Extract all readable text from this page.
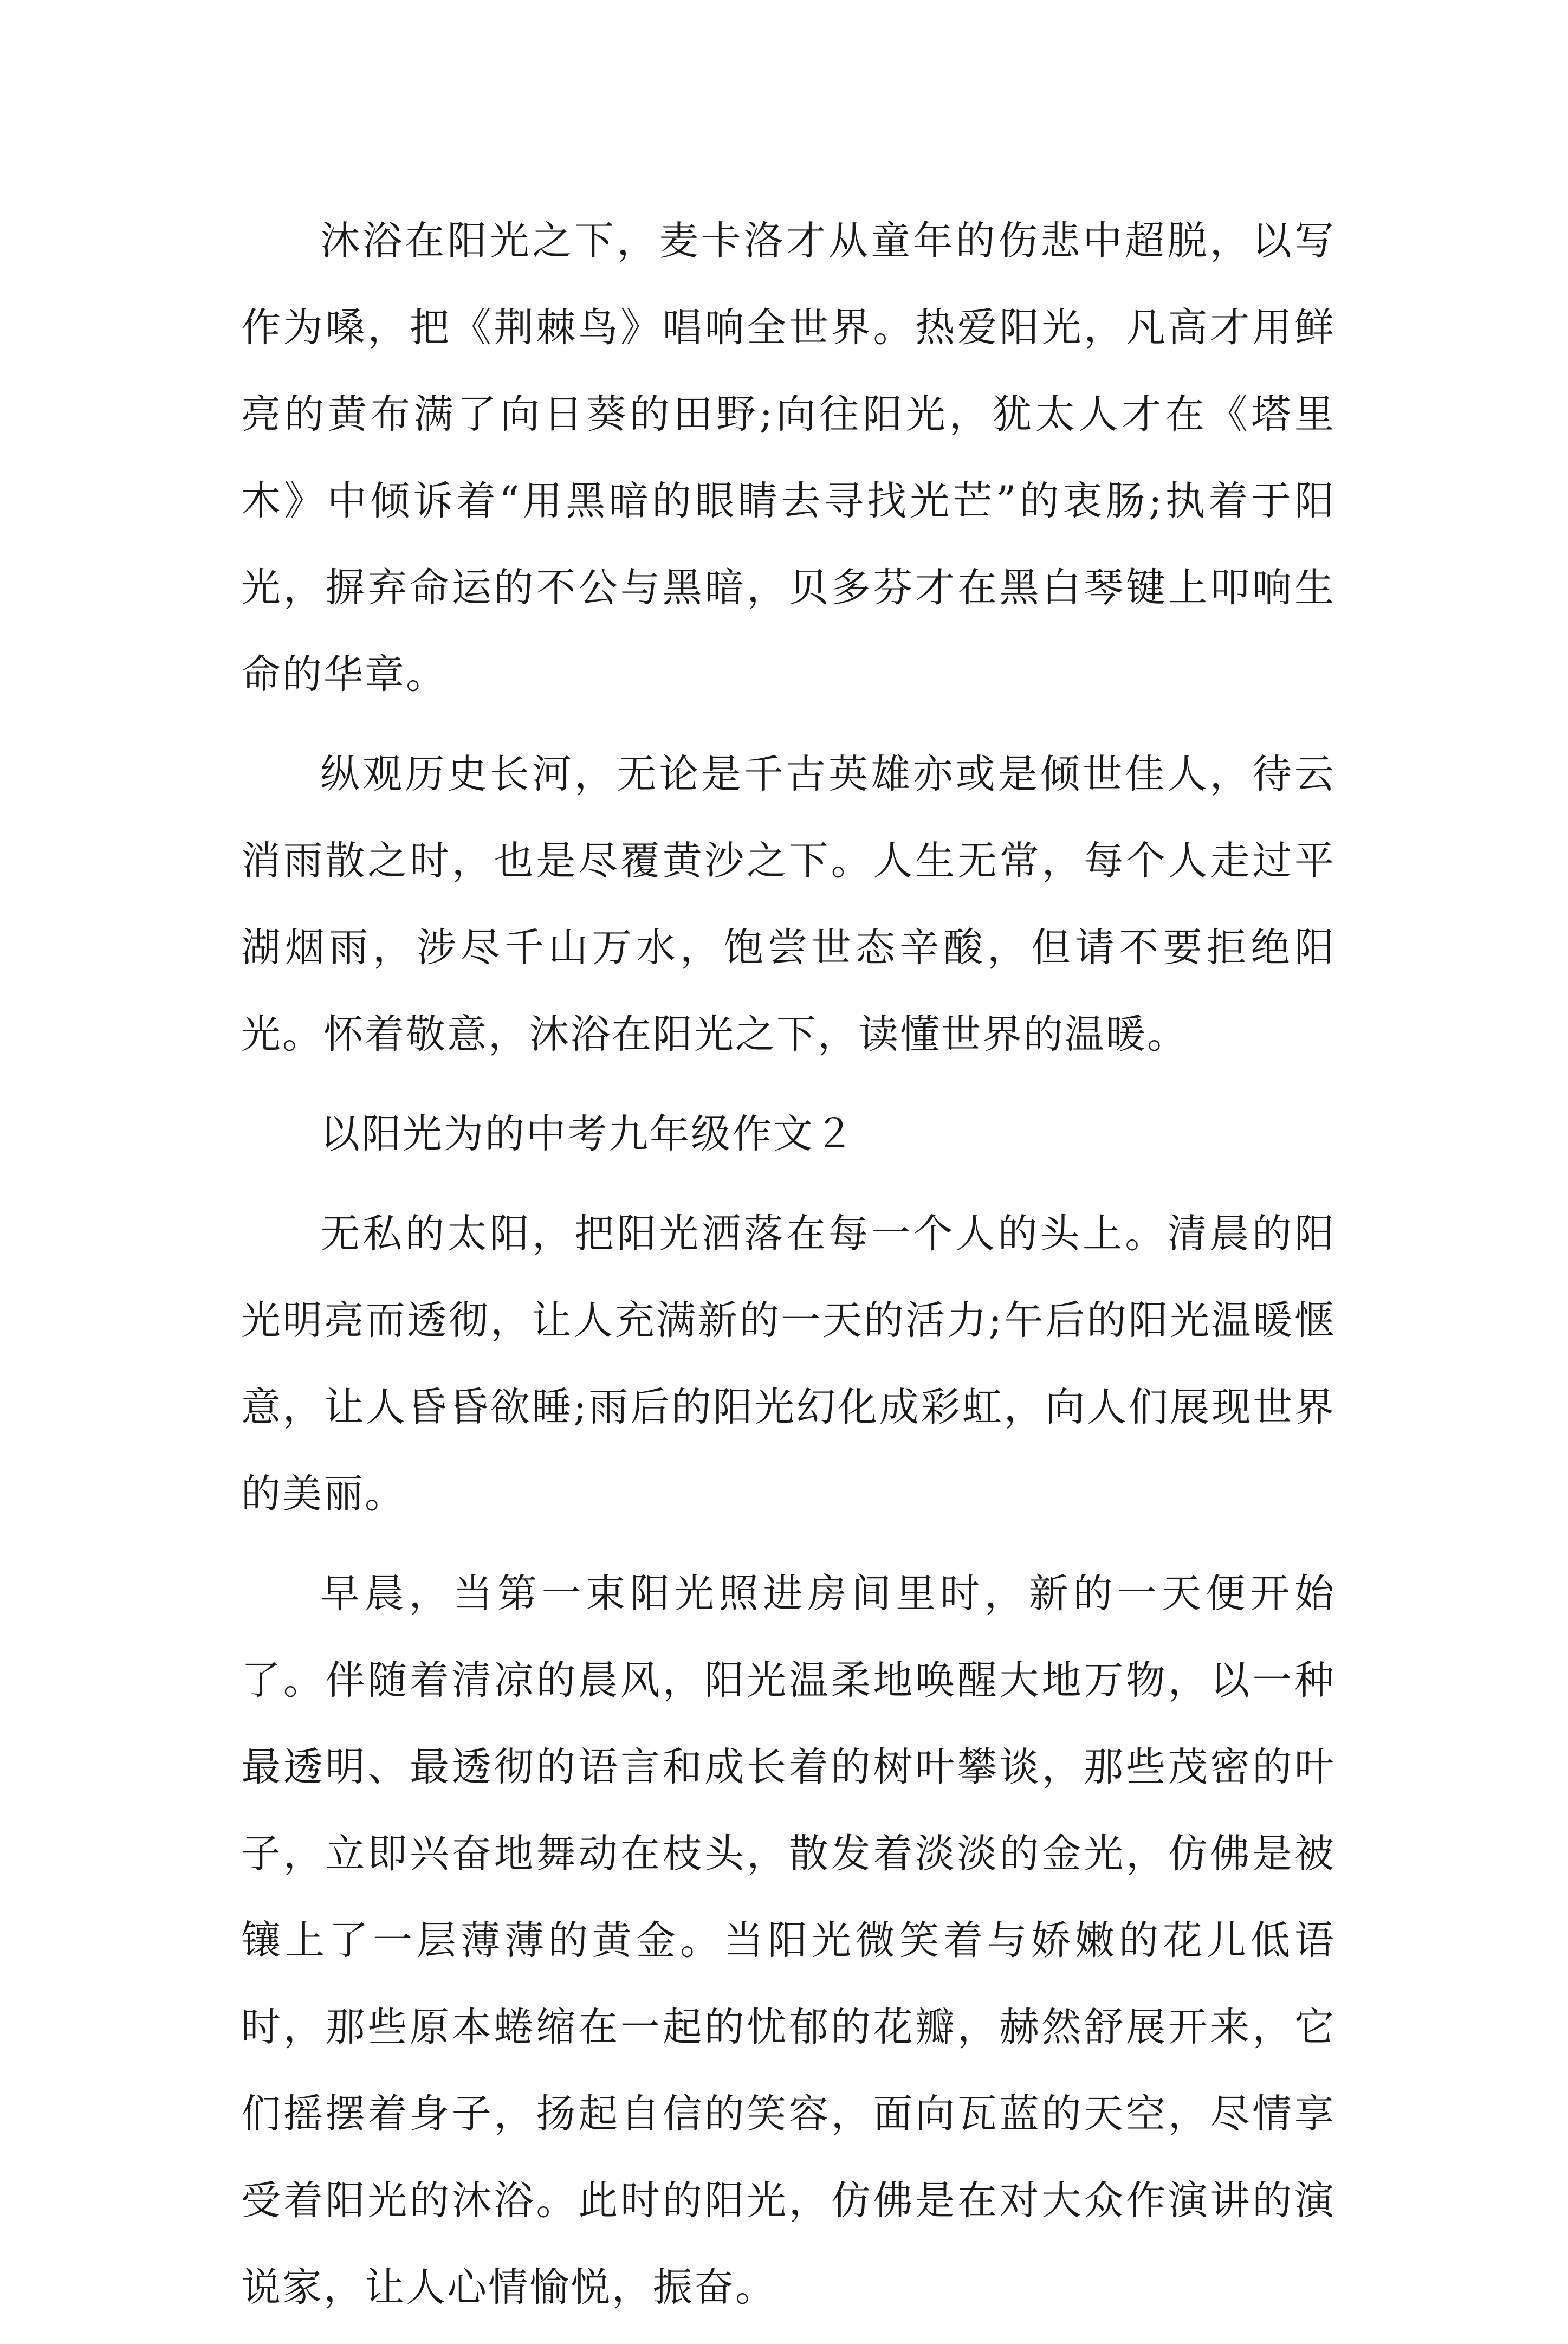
沐浴在阳光之下，麦卡洛才从童年的伤悲中超脱，以写作为嗓，把《荆棘鸟》唱响全世界。热爱阳光，凡高才用鲜亮的黄布满了向日葵的田野;向往阳光，犹太人才在《塔里木》中倾诉着“用黑暗的眼睛去寻找光芒”的衷肠;执着于阳光，摒弃命运的不公与黑暗，贝多芬才在黑白琴键上叩响生命的华章。

纵观历史长河，无论是千古英雄亦或是倾世佳人，待云消雨散之时，也是尽覆黄沙之下。人生无常，每个人走过平湖烟雨，涉尽千山万水，饱尝世态辛酸，但请不要拒绝阳光。怀着敬意，沐浴在阳光之下，读懂世界的温暖。

以阳光为的中考九年级作文２

无私的太阳，把阳光洒落在每一个人的头上。清晨的阳光明亮而透彻，让人充满新的一天的活力;午后的阳光温暖惬意，让人昏昏欲睡;雨后的阳光幻化成彩虹，向人们展现世界的美丽。

早晨，当第一束阳光照进房间里时，新的一天便开始了。伴随着清凉的晨风，阳光温柔地唤醒大地万物，以一种最透明、最透彻的语言和成长着的树叶攀谈，那些茂密的叶子，立即兴奋地舞动在枝头，散发着淡淡的金光，仿佛是被镶上了一层薄薄的黄金。当阳光微笑着与娇嫩的花儿低语时，那些原本蜷缩在一起的忧郁的花瓣，赫然舒展开来，它们摇摆着身子，扬起自信的笑容，面向瓦蓝的天空，尽情享受着阳光的沐浴。此时的阳光，仿佛是在对大众作演讲的演说家，让人心情愉悦，振奋。
